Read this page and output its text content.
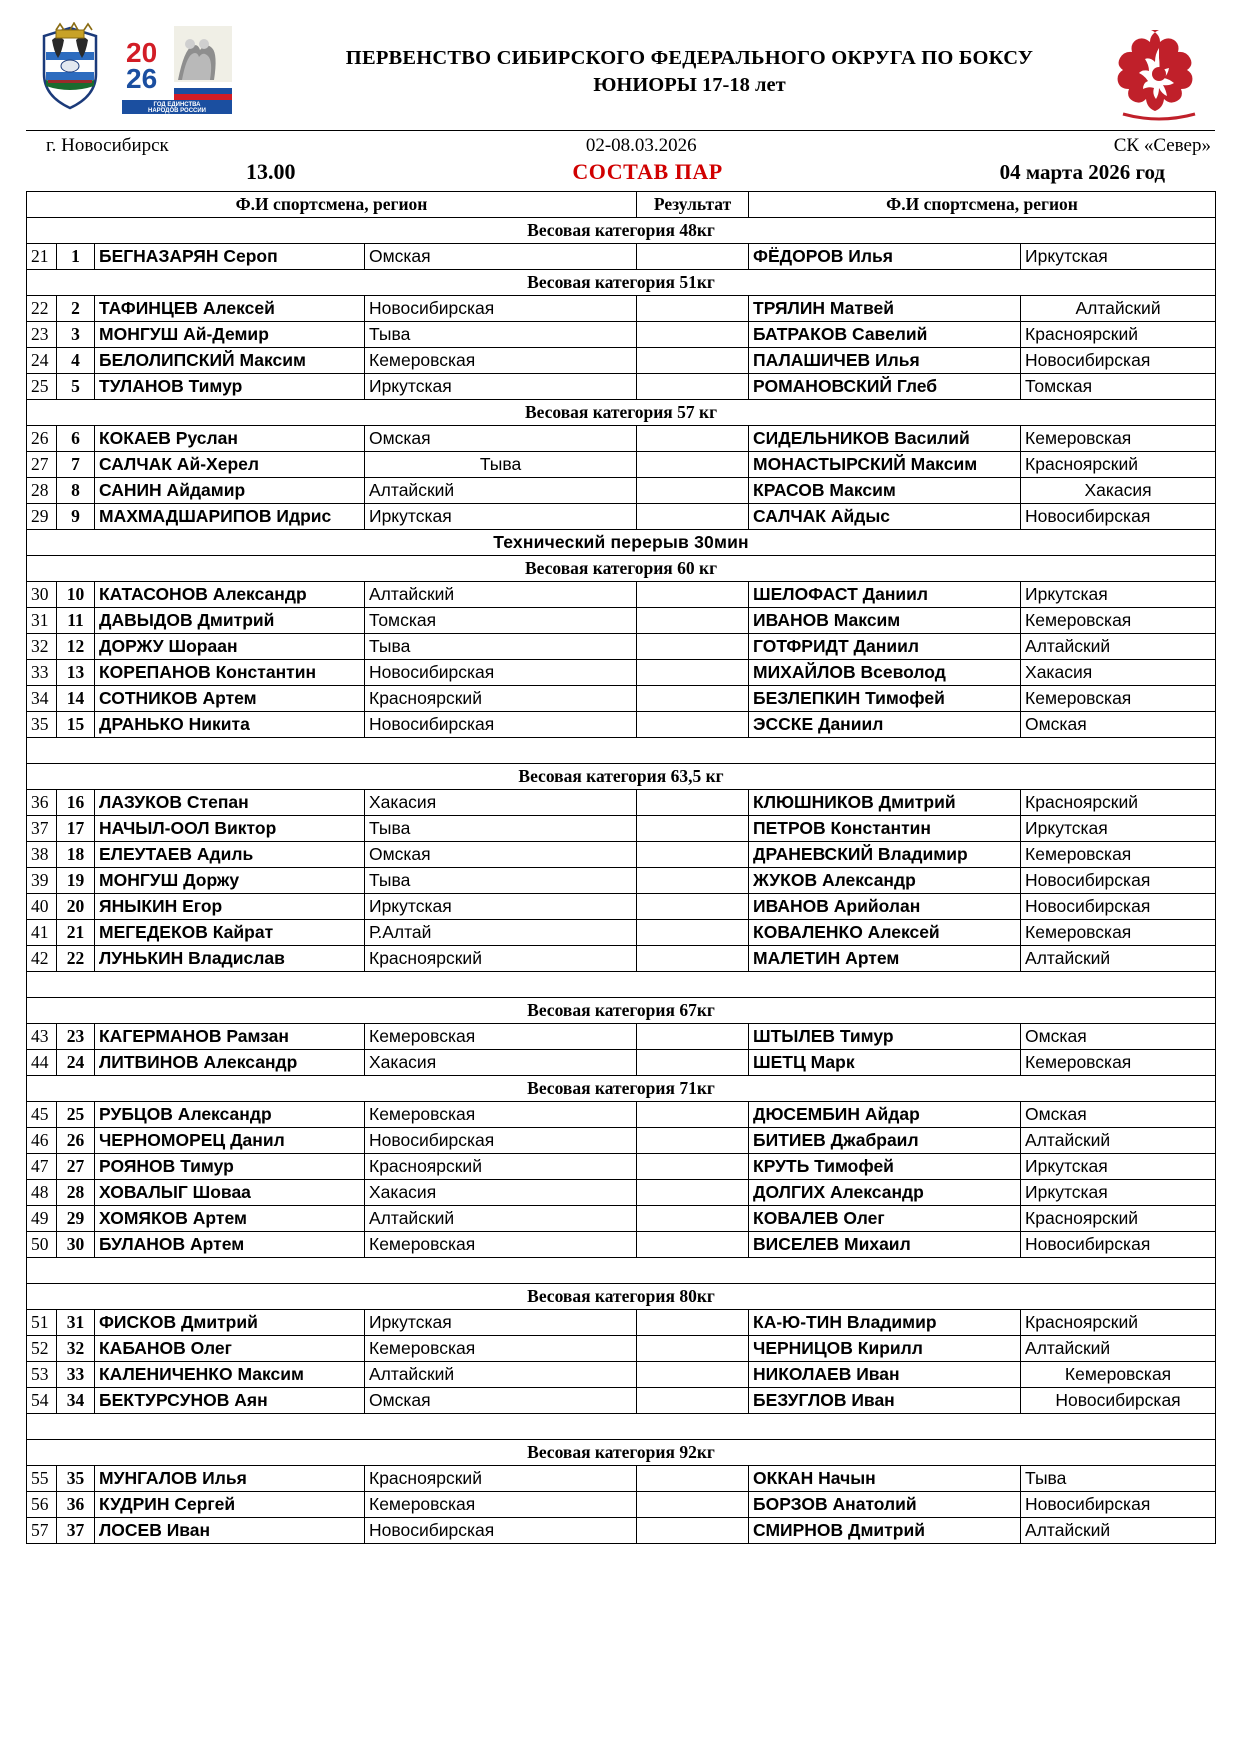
20
26
ГОД ЕДИНСТВА
НАРОДОВ РОССИИ
ПЕРВЕНСТВО СИБИРСКОГО ФЕДЕРАЛЬНОГО ОКРУГА ПО БОКСУ
ЮНИОРЫ 17-18 лет
г. Новосибирск	02-08.03.2026	СК «Север»
13.00	СОСТАВ ПАР	04 марта 2026 год
Ф.И спортсмена, регион				Результат	Ф.И спортсмена, регион	
Весовая категория 48кг						
21	1	БЕГНАЗАРЯН Сероп	Омская		ФЁДОРОВ Илья	Иркутская
Весовая категория 51кг						
22	2	ТАФИНЦЕВ Алексей	Новосибирская		ТРЯЛИН Матвей	Алтайский
23	3	МОНГУШ Ай-Демир	Тыва		БАТРАКОВ Савелий	Красноярский
24	4	БЕЛОЛИПСКИЙ Максим	Кемеровская		ПАЛАШИЧЕВ Илья	Новосибирская
25	5	ТУЛАНОВ Тимур	Иркутская		РОМАНОВСКИЙ Глеб	Томская
Весовая категория 57 кг						
26	6	КОКАЕВ Руслан	Омская		СИДЕЛЬНИКОВ Василий	Кемеровская
27	7	САЛЧАК Ай-Херел	Тыва		МОНАСТЫРСКИЙ Максим	Красноярский
28	8	САНИН Айдамир	Алтайский		КРАСОВ Максим	Хакасия
29	9	МАХМАДШАРИПОВ Идрис	Иркутская		САЛЧАК Айдыс	Новосибирская
Технический перерыв 30мин						
Весовая категория 60 кг						
30	10	КАТАСОНОВ Александр	Алтайский		ШЕЛОФАСТ Даниил	Иркутская
31	11	ДАВЫДОВ Дмитрий	Томская		ИВАНОВ Максим	Кемеровская
32	12	ДОРЖУ Шораан	Тыва		ГОТФРИДТ Даниил	Алтайский
33	13	КОРЕПАНОВ Константин	Новосибирская		МИХАЙЛОВ Всеволод	Хакасия
34	14	СОТНИКОВ Артем	Красноярский		БЕЗЛЕПКИН Тимофей	Кемеровская
35	15	ДРАНЬКО Никита	Новосибирская		ЭССКЕ Даниил	Омская

Весовая категория 63,5 кг						
36	16	ЛАЗУКОВ Степан	Хакасия		КЛЮШНИКОВ Дмитрий	Красноярский
37	17	НАЧЫЛ-ООЛ Виктор	Тыва		ПЕТРОВ Константин	Иркутская
38	18	ЕЛЕУТАЕВ Адиль	Омская		ДРАНЕВСКИЙ Владимир	Кемеровская
39	19	МОНГУШ Доржу	Тыва		ЖУКОВ Александр	Новосибирская
40	20	ЯНЫКИН Егор	Иркутская		ИВАНОВ Арийолан	Новосибирская
41	21	МЕГЕДЕКОВ Кайрат	Р.Алтай		КОВАЛЕНКО Алексей	Кемеровская
42	22	ЛУНЬКИН Владислав	Красноярский		МАЛЕТИН Артем	Алтайский

Весовая категория 67кг						
43	23	КАГЕРМАНОВ Рамзан	Кемеровская		ШТЫЛЕВ Тимур	Омская
44	24	ЛИТВИНОВ Александр	Хакасия		ШЕТЦ Марк	Кемеровская
Весовая категория 71кг						
45	25	РУБЦОВ Александр	Кемеровская		ДЮСЕМБИН Айдар	Омская
46	26	ЧЕРНОМОРЕЦ Данил	Новосибирская		БИТИЕВ Джабраил	Алтайский
47	27	РОЯНОВ Тимур	Красноярский		КРУТЬ Тимофей	Иркутская
48	28	ХОВАЛЫГ Шоваа	Хакасия		ДОЛГИХ Александр	Иркутская
49	29	ХОМЯКОВ Артем	Алтайский		КОВАЛЕВ Олег	Красноярский
50	30	БУЛАНОВ Артем	Кемеровская		ВИСЕЛЕВ Михаил	Новосибирская

Весовая категория 80кг						
51	31	ФИСКОВ Дмитрий	Иркутская		КА-Ю-ТИН Владимир	Красноярский
52	32	КАБАНОВ Олег	Кемеровская		ЧЕРНИЦОВ Кирилл	Алтайский
53	33	КАЛЕНИЧЕНКО Максим	Алтайский		НИКОЛАЕВ Иван	Кемеровская
54	34	БЕКТУРСУНОВ Аян	Омская		БЕЗУГЛОВ Иван	Новосибирская

Весовая категория 92кг						
55	35	МУНГАЛОВ Илья	Красноярский		ОККАН Начын	Тыва
56	36	КУДРИН Сергей	Кемеровская		БОРЗОВ Анатолий	Новосибирская
57	37	ЛОСЕВ Иван	Новосибирская		СМИРНОВ Дмитрий	Алтайский
